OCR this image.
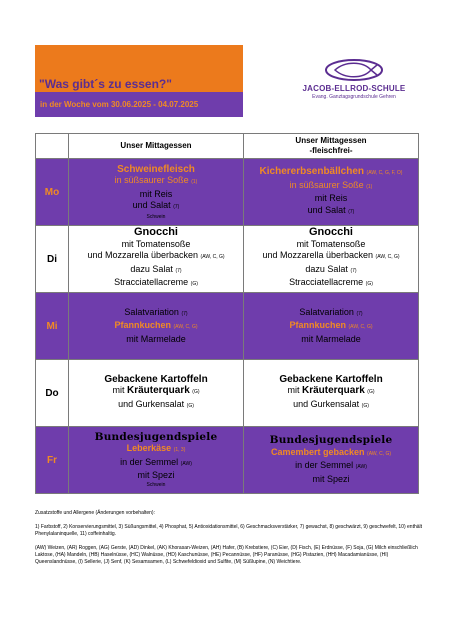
"Was gibt´s zu essen?"
in der Woche vom 30.06.2025 - 04.07.2025
JACOB-ELLROD-SCHULE
Evang. Ganztagsgrundschule Gehren
	Unser Mittagessen	Unser Mittagessen
-fleischfrei-
Mo	Schweinefleisch
in süßsaurer Soße (1)
mit Reis
und Salat (7)
Schwein	Kichererbsenbällchen (AW, C, G, F, O)
in süßsaurer Soße (1)
mit Reis
und Salat (7)
Di	Gnocchi
mit Tomatensoße
und Mozzarella überbacken (AW, C, G)
dazu Salat (7)
Stracciatellacreme (G)	Gnocchi
mit Tomatensoße
und Mozzarella überbacken (AW, C, G)
dazu Salat (7)
Stracciatellacreme (G)
Mi	Salatvariation (7)
Pfannkuchen (AW, C, G)
mit Marmelade	Salatvariation (7)
Pfannkuchen (AW, C, G)
mit Marmelade
Do	Gebackene Kartoffeln
mit Kräuterquark (G)
und Gurkensalat (G)	Gebackene Kartoffeln
mit Kräuterquark (G)
und Gurkensalat (G)
Fr	Bundesjugendspiele
Leberkäse (1, 3)
in der Semmel (AW)
mit Spezi
Schwein	Bundesjugendspiele
Camembert gebacken (AW, C, G)
in der Semmel (AW)
mit Spezi

Zusatzstoffe und Allergene (Änderungen vorbehalten):

1) Farbstoff, 2) Konservierungsmittel, 3) Süßungsmittel, 4) Phosphat, 5) Antioxidationsmittel, 6) Geschmacksverstärker, 7) gewachst, 8) geschwärzt, 9) geschwefelt, 10) enthält Phenylalaninquelle, 11) coffeinhaltig.

(AW) Weizen, (AR) Roggen, (AG) Gerste, (AD) Dinkel, (AK) Khorasan-Weizen, (AH) Hafer, (B) Krebstiere, (C) Eier, (D) Fisch, (E) Erdnüsse, (F) Soja, (G) Milch einschließlich Laktose, (HA) Mandeln, (HB) Haselnüsse, (HC) Walnüsse, (HD) Kaschunüsse, (HE) Pecannüsse, (HF) Paranüsse, (HG) Pistazien, (HH) Macadamianüsse, (HI) Queenslandnüsse, (I) Sellerie, (J) Senf, (K) Sesamsamen, (L) Schwefeldioxid und Sulfite, (M) Süßlupine, (N) Weichtiere.
